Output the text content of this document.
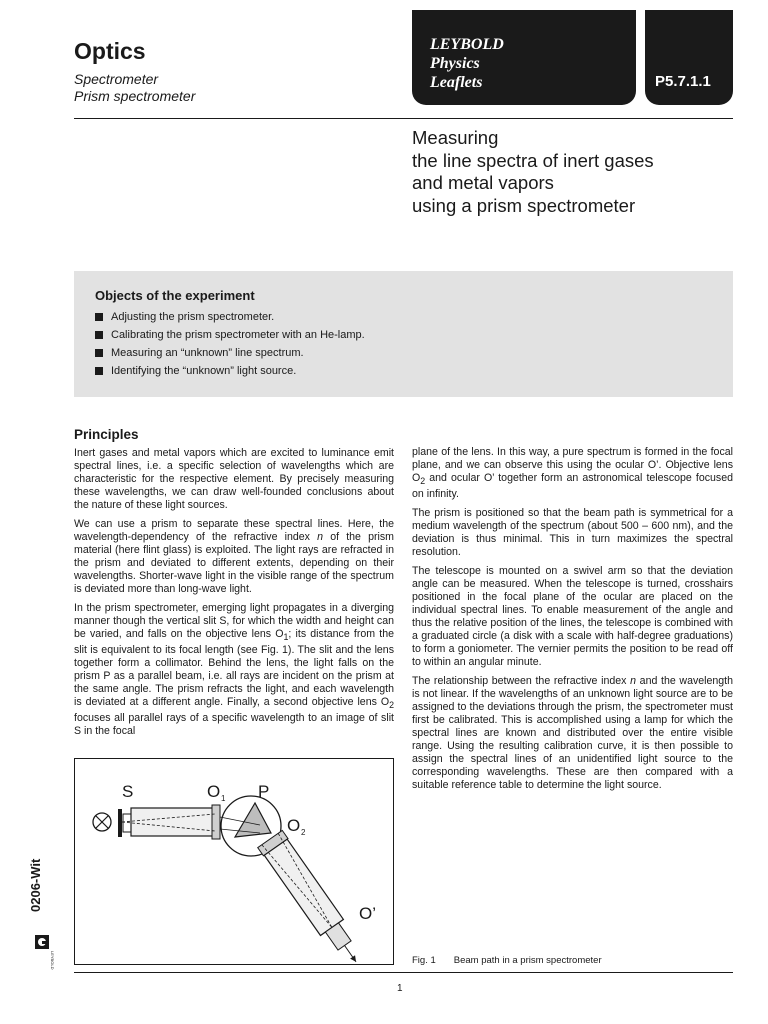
Optics
Spectrometer
Prism spectrometer
LEYBOLD
Physics
Leaflets	P5.7.1.1
Measuring
the line spectra of inert gases
and metal vapors
using a prism spectrometer
Objects of the experiment
Adjusting the prism spectrometer.
Calibrating the prism spectrometer with an He-lamp.
Measuring an “unknown” line spectrum.
Identifying the “unknown” light source.
Principles

Inert gases and metal vapors which are excited to luminance emit spectral lines, i.e. a specific selection of wavelengths which are characteristic for the respective element. By precisely measuring these wavelengths, we can draw well-founded conclusions about the nature of these light sources.

We can use a prism to separate these spectral lines. Here, the wavelength-dependency of the refractive index n of the prism material (here flint glass) is exploited. The light rays are refracted in the prism and deviated to different extents, depending on their wavelengths. Shorter-wave light in the visible range of the spectrum is deviated more than long-wave light.

In the prism spectrometer, emerging light propagates in a diverging manner though the vertical slit S, for which the width and height can be varied, and falls on the objective lens $O_1$; its distance from the slit is equivalent to its focal length (see Fig. 1). The slit and the lens together form a collimator. Behind the lens, the light falls on the prism P as a parallel beam, i.e. all rays are incident on the prism at the same angle. The prism refracts the light, and each wavelength is deviated at a different angle. Finally, a second objective lens $O_2$ focuses all parallel rays of a specific wavelength to an image of slit S in the focal

plane of the lens. In this way, a pure spectrum is formed in the focal plane, and we can observe this using the ocular O’. Objective lens $O_2$ and ocular O’ together form an astronomical telescope focused on infinity.

The prism is positioned so that the beam path is symmetrical for a medium wavelength of the spectrum (about 500 – 600 nm), and the deviation is thus minimal. This in turn maximizes the spectral resolution.

The telescope is mounted on a swivel arm so that the deviation angle can be measured. When the telescope is turned, crosshairs positioned in the focal plane of the ocular are placed on the individual spectral lines. To enable measurement of the angle and thus the relative position of the lines, the telescope is combined with a graduated circle (a disk with a scale with half-degree graduations) to form a goniometer. The vernier permits the position to be read off to within an angular minute.

The relationship between the refractive index n and the wavelength is not linear. If the wavelengths of an unknown light source are to be assigned to the deviations through the prism, the spectrometer must first be calibrated. This is accomplished using a lamp for which the spectral lines are known and distributed over the entire visible range. Using the resulting calibration curve, it is then possible to assign the spectral lines of an unidentified light source to the corresponding wavelengths. These are then compared with a suitable reference table to determine the light source.

S	O 1 P
O 2
O’
Fig. 1 Beam path in a prism spectrometer
1
0206-Wit
LEYBOLD
